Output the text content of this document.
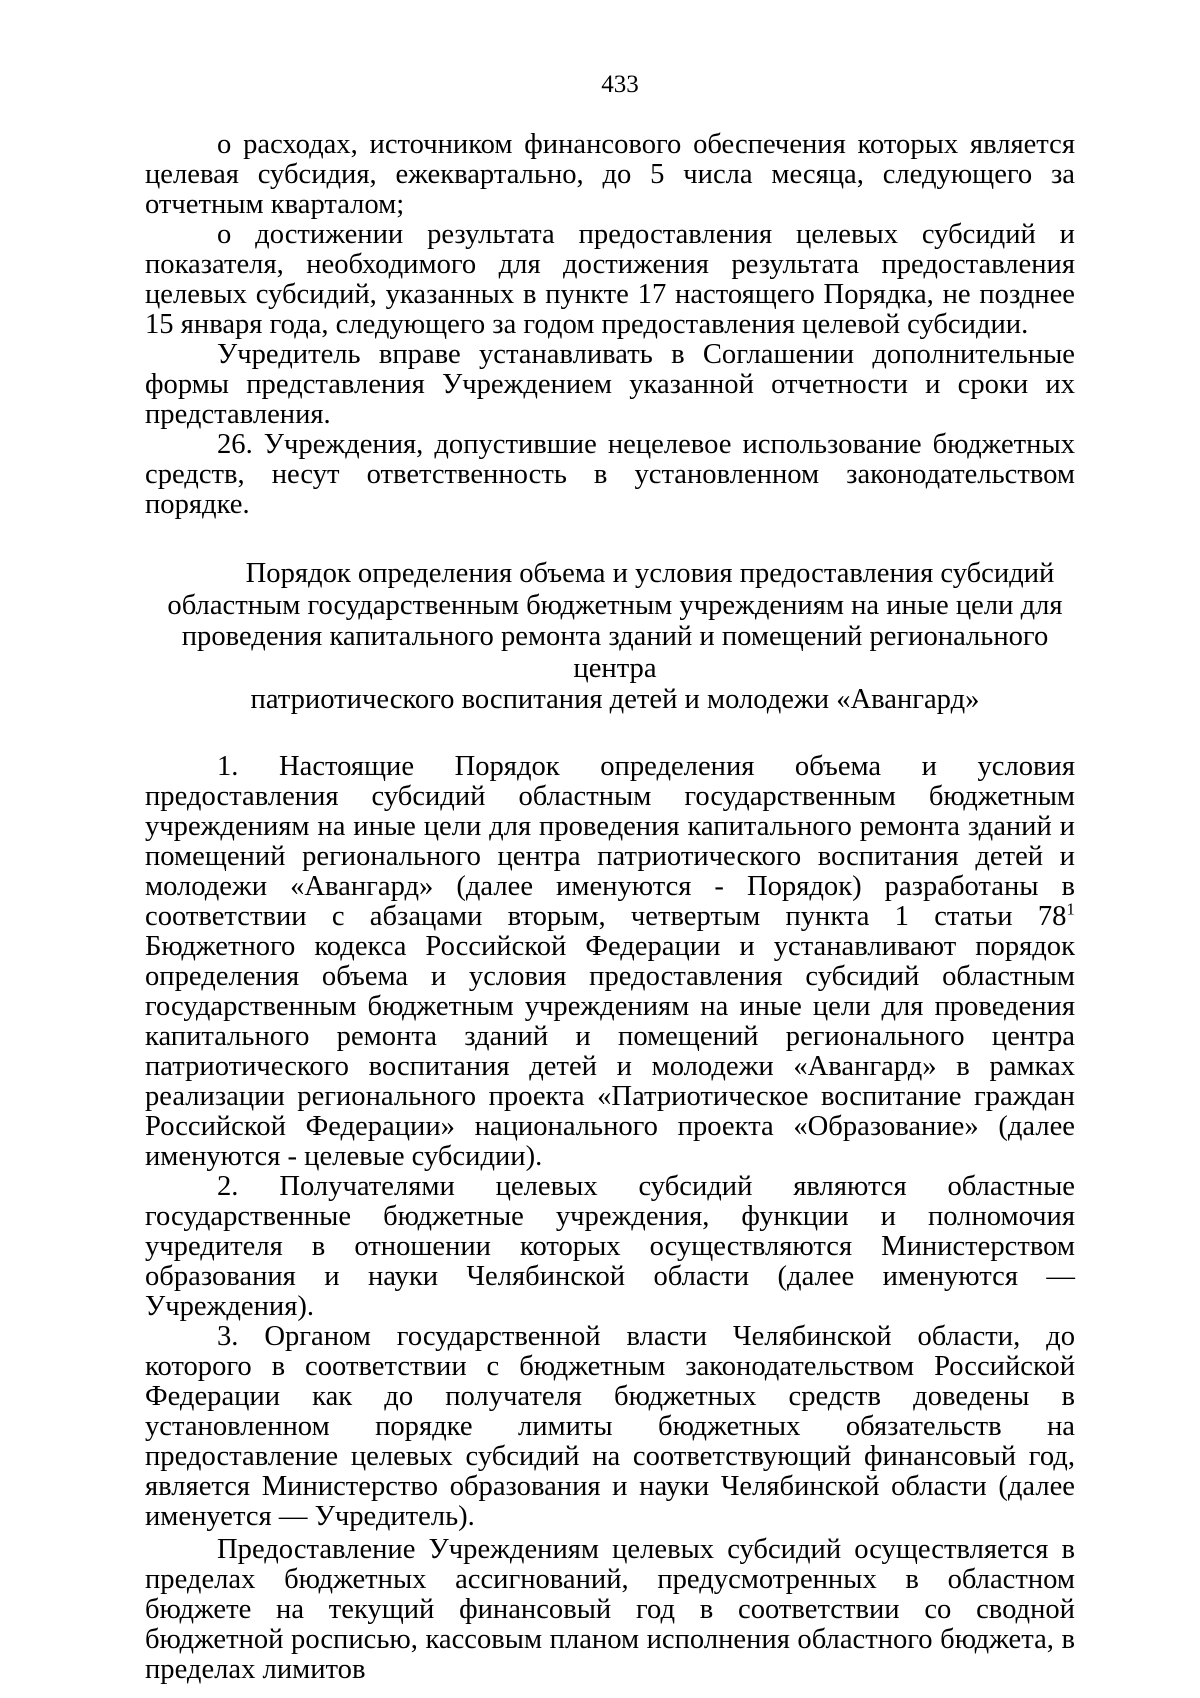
433

о расходах, источником финансового обеспечения которых является целевая субсидия, ежеквартально, до 5 числа месяца, следующего за отчетным кварталом;

о достижении результата предоставления целевых субсидий и показателя, необходимого для достижения результата предоставления целевых субсидий, указанных в пункте 17 настоящего Порядка, не позднее 15 января года, следующего за годом предоставления целевой субсидии.

Учредитель вправе устанавливать в Соглашении дополнительные формы представления Учреждением указанной отчетности и сроки их представления.

26. Учреждения, допустившие нецелевое использование бюджетных средств, несут ответственность в установленном законодательством порядке.

Порядок определения объема и условия предоставления субсидий
областным государственным бюджетным учреждениям на иные цели для
проведения капитального ремонта зданий и помещений регионального центра
патриотического воспитания детей и молодежи «Авангард»

1. Настоящие Порядок определения объема и условия предоставления субсидий областным государственным бюджетным учреждениям на иные цели для проведения капитального ремонта зданий и помещений регионального центра патриотического воспитания детей и молодежи «Авангард» (далее именуются - Порядок) разработаны в соответствии с абзацами вторым, четвертым пункта 1 статьи $78^1$ Бюджетного кодекса Российской Федерации и устанавливают порядок определения объема и условия предоставления субсидий областным государственным бюджетным учреждениям на иные цели для проведения капитального ремонта зданий и помещений регионального центра патриотического воспитания детей и молодежи «Авангард» в рамках реализации регионального проекта «Патриотическое воспитание граждан Российской Федерации» национального проекта «Образование» (далее именуются - целевые субсидии).

2. Получателями целевых субсидий являются областные государственные бюджетные учреждения, функции и полномочия учредителя в отношении которых осуществляются Министерством образования и науки Челябинской области (далее именуются — Учреждения).

3. Органом государственной власти Челябинской области, до которого в соответствии с бюджетным законодательством Российской Федерации как до получателя бюджетных средств доведены в установленном порядке лимиты бюджетных обязательств на предоставление целевых субсидий на соответствующий финансовый год, является Министерство образования и науки Челябинской области (далее именуется — Учредитель).

Предоставление Учреждениям целевых субсидий осуществляется в пределах бюджетных ассигнований, предусмотренных в областном бюджете на текущий финансовый год в соответствии со сводной бюджетной росписью, кассовым планом исполнения областного бюджета, в пределах лимитов
